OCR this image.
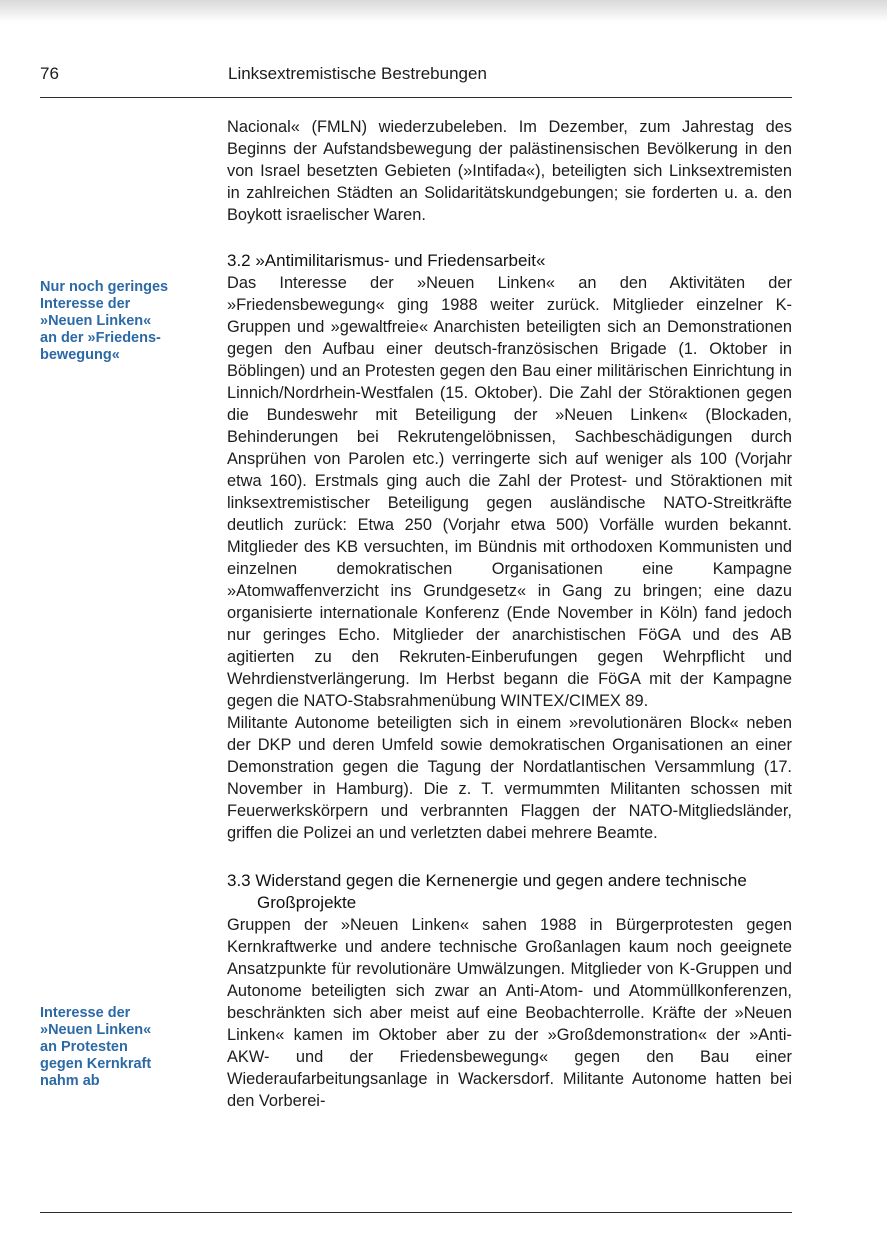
76	Linksextremistische Bestrebungen
Nur noch geringes
Interesse der
»Neuen Linken«
an der »Friedens-
bewegung«
Interesse der
»Neuen Linken«
an Protesten
gegen Kernkraft
nahm ab

Nacional« (FMLN) wiederzubeleben. Im Dezember, zum Jahrestag des Beginns der Aufstandsbewegung der palästinensischen Bevölkerung in den von Israel besetzten Gebieten (»Intifada«), beteiligten sich Linksextremisten in zahlreichen Städten an Solidaritätskundgebungen; sie forderten u. a. den Boykott israelischer Waren.

3.2 »Antimilitarismus- und Friedensarbeit«

Das Interesse der »Neuen Linken« an den Aktivitäten der »Friedensbewegung« ging 1988 weiter zurück. Mitglieder einzelner K-Gruppen und »gewaltfreie« Anarchisten beteiligten sich an Demonstrationen gegen den Aufbau einer deutsch-französischen Brigade (1. Oktober in Böblingen) und an Protesten gegen den Bau einer militärischen Einrichtung in Linnich/Nordrhein-Westfalen (15. Oktober). Die Zahl der Störaktionen gegen die Bundeswehr mit Beteiligung der »Neuen Linken« (Blockaden, Behinderungen bei Rekrutengelöbnissen, Sachbeschädigungen durch Ansprühen von Parolen etc.) verringerte sich auf weniger als 100 (Vorjahr etwa 160). Erstmals ging auch die Zahl der Protest- und Störaktionen mit linksextremistischer Beteiligung gegen ausländische NATO-Streitkräfte deutlich zurück: Etwa 250 (Vorjahr etwa 500) Vorfälle wurden bekannt. Mitglieder des KB versuchten, im Bündnis mit orthodoxen Kommunisten und einzelnen demokratischen Organisationen eine Kampagne »Atomwaffenverzicht ins Grundgesetz« in Gang zu bringen; eine dazu organisierte internationale Konferenz (Ende November in Köln) fand jedoch nur geringes Echo. Mitglieder der anarchistischen FöGA und des AB agitierten zu den Rekruten-Einberufungen gegen Wehrpflicht und Wehrdienstverlängerung. Im Herbst begann die FöGA mit der Kampagne gegen die NATO-Stabsrahmenübung WINTEX/CIMEX 89.

Militante Autonome beteiligten sich in einem »revolutionären Block« neben der DKP und deren Umfeld sowie demokratischen Organisationen an einer Demonstration gegen die Tagung der Nordatlantischen Versammlung (17. November in Hamburg). Die z. T. vermummten Militanten schossen mit Feuerwerkskörpern und verbrannten Flaggen der NATO-Mitgliedsländer, griffen die Polizei an und verletzten dabei mehrere Beamte.

3.3 Widerstand gegen die Kernenergie und gegen andere technische Großprojekte

Gruppen der »Neuen Linken« sahen 1988 in Bürgerprotesten gegen Kernkraftwerke und andere technische Großanlagen kaum noch geeignete Ansatzpunkte für revolutionäre Umwälzungen. Mitglieder von K-Gruppen und Autonome beteiligten sich zwar an Anti-Atom- und Atommüllkonferenzen, beschränkten sich aber meist auf eine Beobachterrolle. Kräfte der »Neuen Linken« kamen im Oktober aber zu der »Großdemonstration« der »Anti-AKW- und der Friedensbewegung« gegen den Bau einer Wiederaufarbeitungsanlage in Wackersdorf. Militante Autonome hatten bei den Vorberei-
